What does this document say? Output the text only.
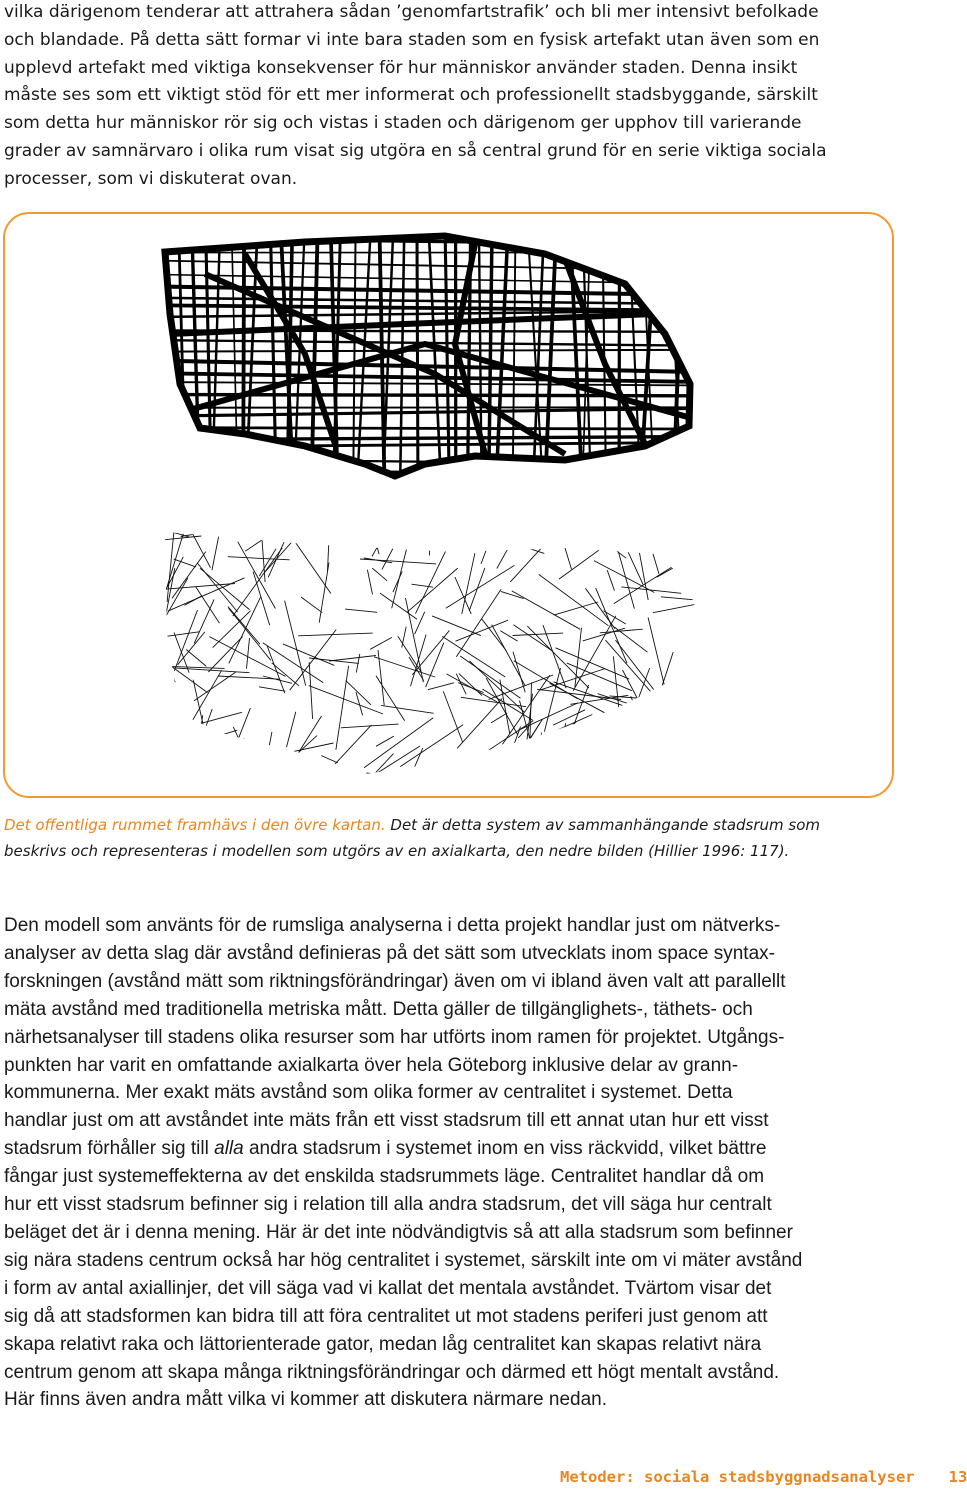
vilka därigenom tenderar att attrahera sådan ’genomfartstrafik’ och bli mer intensivt befolkade
och blandade. På detta sätt formar vi inte bara staden som en fysisk artefakt utan även som en
upplevd artefakt med viktiga konsekvenser för hur människor använder staden. Denna insikt
måste ses som ett viktigt stöd för ett mer informerat och professionellt stadsbyggande, särskilt
som detta hur människor rör sig och vistas i staden och därigenom ger upphov till varierande
grader av samnärvaro i olika rum visat sig utgöra en så central grund för en serie viktiga sociala
processer, som vi diskuterat ovan.

Det offentliga rummet framhävs i den övre kartan. Det är detta system av sammanhängande stadsrum som
beskrivs och representeras i modellen som utgörs av en axialkarta, den nedre bilden (Hillier 1996: 117).

Den modell som använts för de rumsliga analyserna i detta projekt handlar just om nätverks-
analyser av detta slag där avstånd definieras på det sätt som utvecklats inom space syntax-
forskningen (avstånd mätt som riktningsförändringar) även om vi ibland även valt att parallellt
mäta avstånd med traditionella metriska mått. Detta gäller de tillgänglighets-, täthets- och
närhetsanalyser till stadens olika resurser som har utförts inom ramen för projektet. Utgångs-
punkten har varit en omfattande axialkarta över hela Göteborg inklusive delar av grann-
kommunerna. Mer exakt mäts avstånd som olika former av centralitet i systemet. Detta
handlar just om att avståndet inte mäts från ett visst stadsrum till ett annat utan hur ett visst
stadsrum förhåller sig till alla andra stadsrum i systemet inom en viss räckvidd, vilket bättre
fångar just systemeffekterna av det enskilda stadsrummets läge. Centralitet handlar då om
hur ett visst stadsrum befinner sig i relation till alla andra stadsrum, det vill säga hur centralt
beläget det är i denna mening. Här är det inte nödvändigtvis så att alla stadsrum som befinner
sig nära stadens centrum också har hög centralitet i systemet, särskilt inte om vi mäter avstånd
i form av antal axiallinjer, det vill säga vad vi kallat det mentala avståndet. Tvärtom visar det
sig då att stadsformen kan bidra till att föra centralitet ut mot stadens periferi just genom att
skapa relativt raka och lättorienterade gator, medan låg centralitet kan skapas relativt nära
centrum genom att skapa många riktningsförändringar och därmed ett högt mentalt avstånd.
Här finns även andra mått vilka vi kommer att diskutera närmare nedan.
Metoder: sociala stadsbyggnadsanalyser 13
